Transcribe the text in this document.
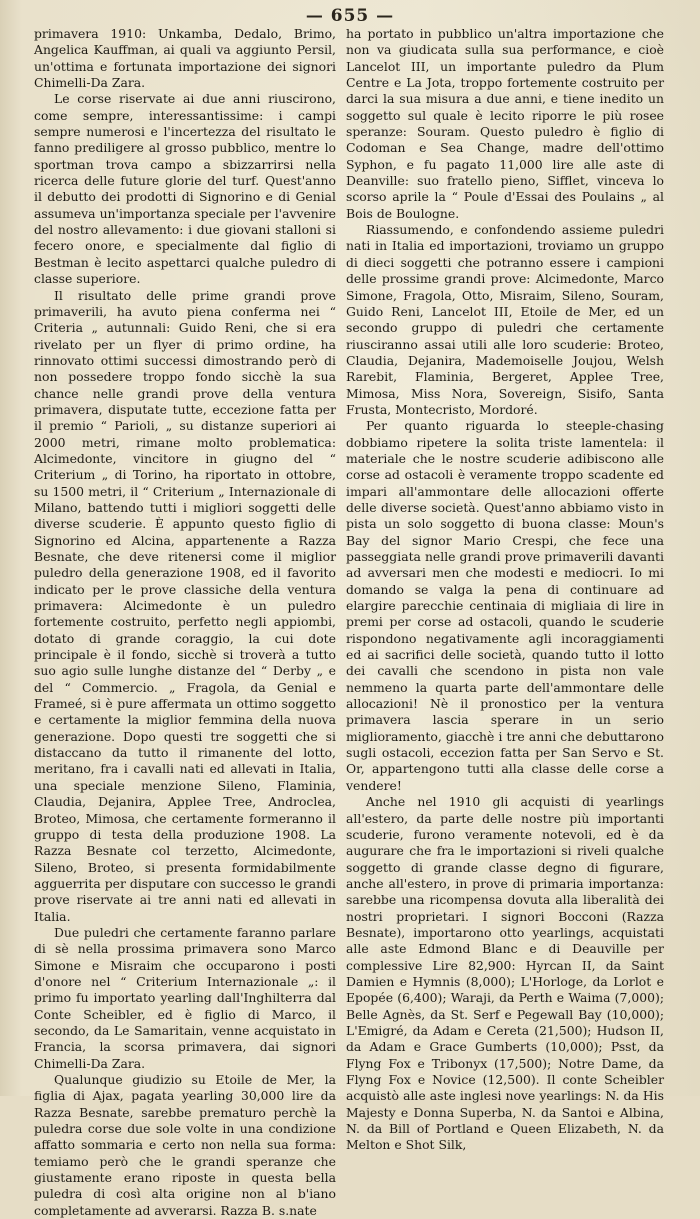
— 655 —

primavera 1910: Unkamba, Dedalo, Brimo, Angelica Kauffman, ai quali va aggiunto Persil, un'ottima e fortunata importazione dei signori Chimelli-Da Zara.

Le corse riservate ai due anni riuscirono, come sempre, interessantissime: i campi sempre numerosi e l'incertezza del risultato le fanno prediligere al grosso pubblico, mentre lo sportman trova campo a sbizzarrirsi nella ricerca delle future glorie del turf. Quest'anno il debutto dei prodotti di Signorino e di Genial assumeva un'importanza speciale per l'avvenire del nostro allevamento: i due giovani stalloni si fecero onore, e specialmente dal figlio di Bestman è lecito aspettarci qualche puledro di classe superiore.

Il risultato delle prime grandi prove primaverili, ha avuto piena conferma nei “ Criteria „ autunnali: Guido Reni, che si era rivelato per un flyer di primo ordine, ha rinnovato ottimi successi dimostrando però di non possedere troppo fondo sicchè la sua chance nelle grandi prove della ventura primavera, disputate tutte, eccezione fatta per il premio “ Parioli, „ su distanze superiori ai 2000 metri, rimane molto problematica: Alcimedonte, vincitore in giugno del “ Criterium „ di Torino, ha riportato in ottobre, su 1500 metri, il “ Criterium „ Internazionale di Milano, battendo tutti i migliori soggetti delle diverse scuderie. È appunto questo figlio di Signorino ed Alcina, appartenente a Razza Besnate, che deve ritenersi come il miglior puledro della generazione 1908, ed il favorito indicato per le prove classiche della ventura primavera: Alcimedonte è un puledro fortemente costruito, perfetto negli appiombi, dotato di grande coraggio, la cui dote principale è il fondo, sicchè si troverà a tutto suo agio sulle lunghe distanze del “ Derby „ e del “ Commercio. „ Fragola, da Genial e Frameé, si è pure affermata un ottimo soggetto e certamente la miglior femmina della nuova generazione. Dopo questi tre soggetti che si distaccano da tutto il rimanente del lotto, meritano, fra i cavalli nati ed allevati in Italia, una speciale menzione Sileno, Flaminia, Claudia, Dejanira, Applee Tree, Androclea, Broteo, Mimosa, che certamente formeranno il gruppo di testa della produzione 1908. La Razza Besnate col terzetto, Alcimedonte, Sileno, Broteo, si presenta formidabilmente agguerrita per disputare con successo le grandi prove riservate ai tre anni nati ed allevati in Italia.

Due puledri che certamente faranno parlare di sè nella prossima primavera sono Marco Simone e Misraim che occuparono i posti d'onore nel “ Criterium Internazionale „: il primo fu importato yearling dall'Inghilterra dal Conte Scheibler, ed è figlio di Marco, il secondo, da Le Samaritain, venne acquistato in Francia, la scorsa primavera, dai signori Chimelli-Da Zara.

Qualunque giudizio su Etoile de Mer, la figlia di Ajax, pagata yearling 30,000 lire da Razza Besnate, sarebbe prematuro perchè la puledra corse due sole volte in una condizione affatto sommaria e certo non nella sua forma: temiamo però che le grandi speranze che giustamente erano riposte in questa bella puledra di così alta origine non al b'iano completamente ad avverarsi. Razza B. s.nate

ha portato in pubblico un'altra importazione che non va giudicata sulla sua performance, e cioè Lancelot III, un importante puledro da Plum Centre e La Jota, troppo fortemente costruito per darci la sua misura a due anni, e tiene inedito un soggetto sul quale è lecito riporre le più rosee speranze: Souram. Questo puledro è figlio di Codoman e Sea Change, madre dell'ottimo Syphon, e fu pagato 11,000 lire alle aste di Deanville: suo fratello pieno, Sifflet, vinceva lo scorso aprile la “ Poule d'Essai des Poulains „ al Bois de Boulogne.

Riassumendo, e confondendo assieme puledri nati in Italia ed importazioni, troviamo un gruppo di dieci soggetti che potranno essere i campioni delle prossime grandi prove: Alcimedonte, Marco Simone, Fragola, Otto, Misraim, Sileno, Souram, Guido Reni, Lancelot III, Etoile de Mer, ed un secondo gruppo di puledri che certamente riusciranno assai utili alle loro scuderie: Broteo, Claudia, Dejanira, Mademoiselle Joujou, Welsh Rarebit, Flaminia, Bergeret, Applee Tree, Mimosa, Miss Nora, Sovereign, Sisifo, Santa Frusta, Montecristo, Mordoré.

Per quanto riguarda lo steeple-chasing dobbiamo ripetere la solita triste lamentela: il materiale che le nostre scuderie adibiscono alle corse ad ostacoli è veramente troppo scadente ed impari all'ammontare delle allocazioni offerte delle diverse società. Quest'anno abbiamo visto in pista un solo soggetto di buona classe: Moun's Bay del signor Mario Crespi, che fece una passeggiata nelle grandi prove primaverili davanti ad avversari men che modesti e mediocri. Io mi domando se valga la pena di continuare ad elargire parecchie centinaia di migliaia di lire in premi per corse ad ostacoli, quando le scuderie rispondono negativamente agli incoraggiamenti ed ai sacrifici delle società, quando tutto il lotto dei cavalli che scendono in pista non vale nemmeno la quarta parte dell'ammontare delle allocazioni! Nè il pronostico per la ventura primavera lascia sperare in un serio miglioramento, giacchè i tre anni che debuttarono sugli ostacoli, eccezion fatta per San Servo e St. Or, appartengono tutti alla classe delle corse a vendere!

Anche nel 1910 gli acquisti di yearlings all'estero, da parte delle nostre più importanti scuderie, furono veramente notevoli, ed è da augurare che fra le importazioni si riveli qualche soggetto di grande classe degno di figurare, anche all'estero, in prove di primaria importanza: sarebbe una ricompensa dovuta alla liberalità dei nostri proprietari. I signori Bocconi (Razza Besnate), importarono otto yearlings, acquistati alle aste Edmond Blanc e di Deauville per complessive Lire 82,900: Hyrcan II, da Saint Damien e Hymnis (8,000); L'Horloge, da Lorlot e Epopée (6,400); Waraji, da Perth e Waima (7,000); Belle Agnès, da St. Serf e Pegewall Bay (10,000); L'Emigré, da Adam e Cereta (21,500); Hudson II, da Adam e Grace Gumberts (10,000); Psst, da Flyng Fox e Tribonyx (17,500); Notre Dame, da Flyng Fox e Novice (12,500). Il conte Scheibler acquistò alle aste inglesi nove yearlings: N. da His Majesty e Donna Superba, N. da Santoi e Albina, N. da Bill of Portland e Queen Elizabeth, N. da Melton e Shot Silk,
